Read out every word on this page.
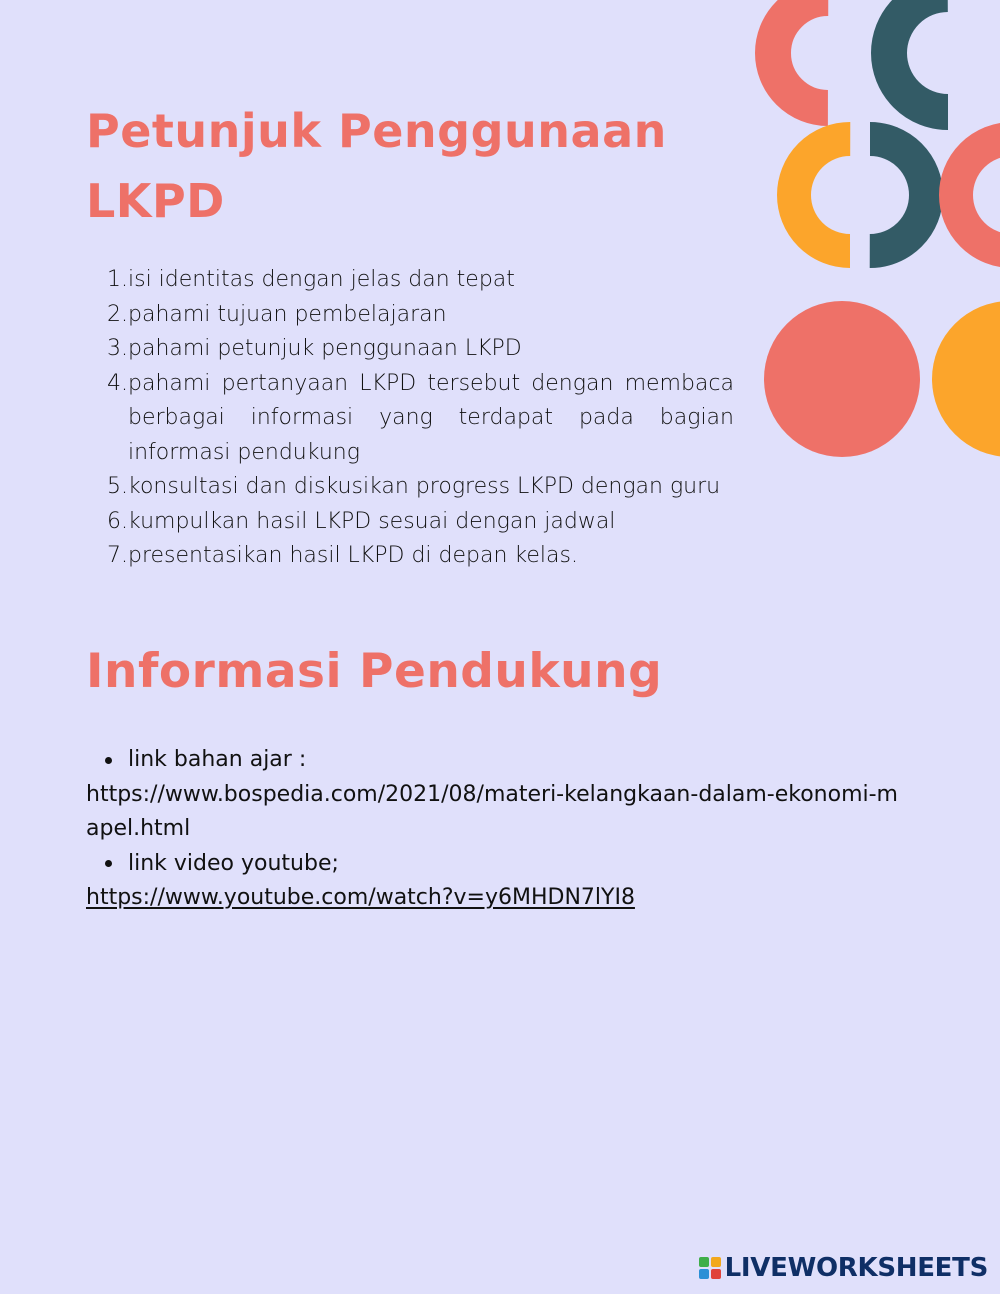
Petunjuk Penggunaan LKPD
1. isi identitas dengan jelas dan tepat
2. pahami tujuan pembelajaran
3. pahami petunjuk penggunaan LKPD
4. pahami pertanyaan LKPD tersebut dengan membaca berbagai informasi yang terdapat pada bagian informasi pendukung
5. konsultasi dan diskusikan progress LKPD dengan guru
6. kumpulkan hasil LKPD sesuai dengan jadwal
7. presentasikan hasil LKPD di depan kelas.
Informasi Pendukung
link bahan ajar :
https://www.bospedia.com/2021/08/materi-kelangkaan-dalam-ekonomi-mapel.html
link video youtube;
https://www.youtube.com/watch?v=y6MHDN7lYI8
LIVEWORKSHEETS
